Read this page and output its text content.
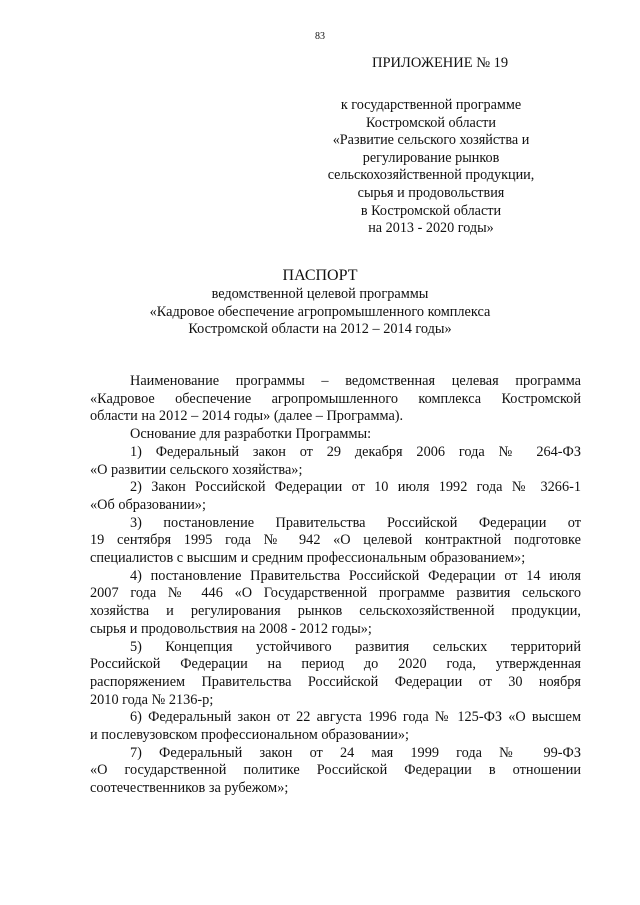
83
ПРИЛОЖЕНИЕ № 19
к государственной программе
Костромской области
«Развитие сельского хозяйства и
регулирование рынков
сельскохозяйственной продукции,
сырья и продовольствия
в Костромской области
на 2013 - 2020 годы»
ПАСПОРТ
ведомственной целевой программы
«Кадровое обеспечение агропромышленного комплекса
Костромской области на 2012 – 2014 годы»
Наименование программы – ведомственная целевая программа
«Кадровое обеспечение агропромышленного комплекса Костромской
области на 2012 – 2014 годы» (далее – Программа).
Основание для разработки Программы:
1) Федеральный закон от 29 декабря 2006 года № 264-ФЗ
«О развитии сельского хозяйства»;
2) Закон Российской Федерации от 10 июля 1992 года № 3266-1
«Об образовании»;
3) постановление Правительства Российской Федерации от
19 сентября 1995 года № 942 «О целевой контрактной подготовке
специалистов с высшим и средним профессиональным образованием»;
4) постановление Правительства Российской Федерации от 14 июля
2007 года № 446 «О Государственной программе развития сельского
хозяйства и регулирования рынков сельскохозяйственной продукции,
сырья и продовольствия на 2008 - 2012 годы»;
5) Концепция устойчивого развития сельских территорий
Российской Федерации на период до 2020 года, утвержденная
распоряжением Правительства Российской Федерации от 30 ноября
2010 года № 2136-р;
6) Федеральный закон от 22 августа 1996 года № 125-ФЗ «О высшем
и послевузовском профессиональном образовании»;
7) Федеральный закон от 24 мая 1999 года № 99-ФЗ
«О государственной политике Российской Федерации в отношении
соотечественников за рубежом»;
